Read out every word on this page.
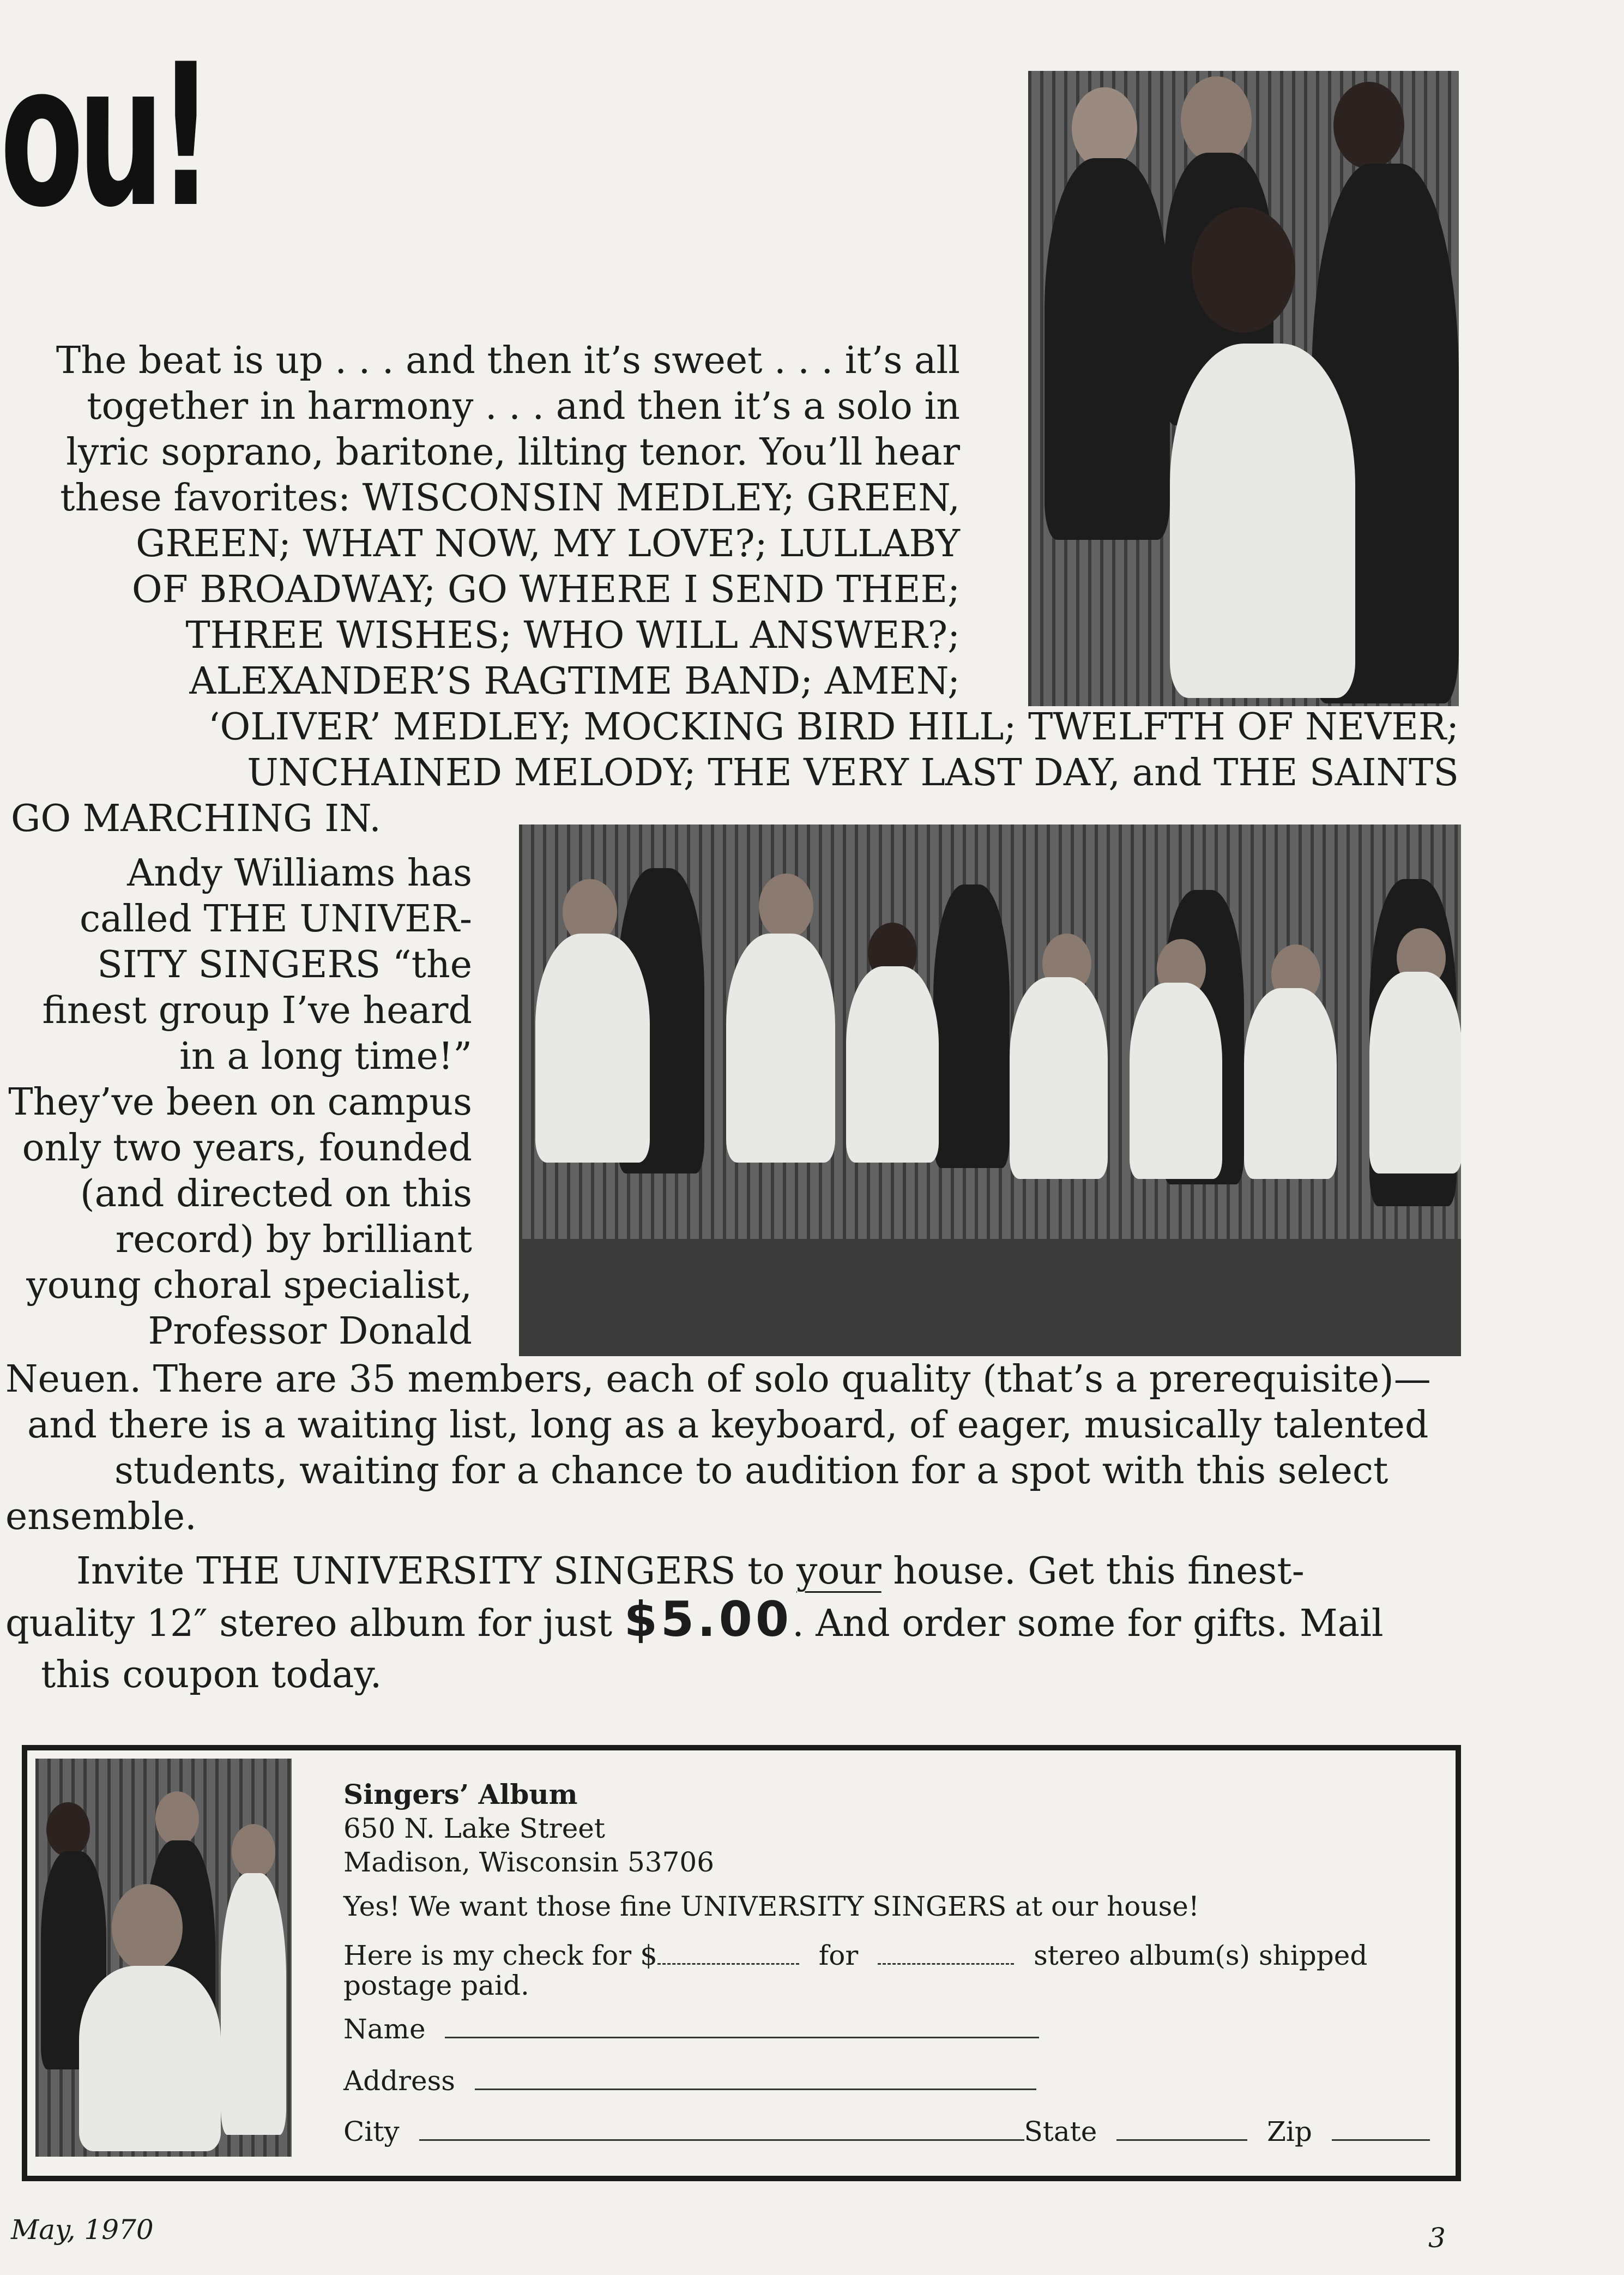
ou!
The beat is up . . . and then it’s sweet . . . it’s all
together in harmony . . . and then it’s a solo in
lyric soprano, baritone, lilting tenor. You’ll hear
these favorites: WISCONSIN MEDLEY; GREEN,
GREEN; WHAT NOW, MY LOVE?; LULLABY
OF BROADWAY; GO WHERE I SEND THEE;
THREE WISHES; WHO WILL ANSWER?;
ALEXANDER’S RAGTIME BAND; AMEN;
‘OLIVER’ MEDLEY; MOCKING BIRD HILL; TWELFTH OF NEVER;
UNCHAINED MELODY; THE VERY LAST DAY, and THE SAINTS
GO MARCHING IN.
Andy Williams has
called THE UNIVER-
SITY SINGERS “the
finest group I’ve heard
in a long time!”
They’ve been on campus
only two years, founded
(and directed on this
record) by brilliant
young choral specialist,
Professor Donald
Neuen. There are 35 members, each of solo quality (that’s a prerequisite)—
and there is a waiting list, long as a keyboard, of eager, musically talented
students, waiting for a chance to audition for a spot with this select
ensemble.
Invite THE UNIVERSITY SINGERS to your house. Get this finest-
quality 12″ stereo album for just $5.00. And order some for gifts. Mail
this coupon today.
Singers’ Album
650 N. Lake Street
Madison, Wisconsin 53706
Yes! We want those fine UNIVERSITY SINGERS at our house!
Here is my check for $	for	stereo album(s) shipped
postage paid.
Name
Address
City	State	Zip
May, 1970	3
